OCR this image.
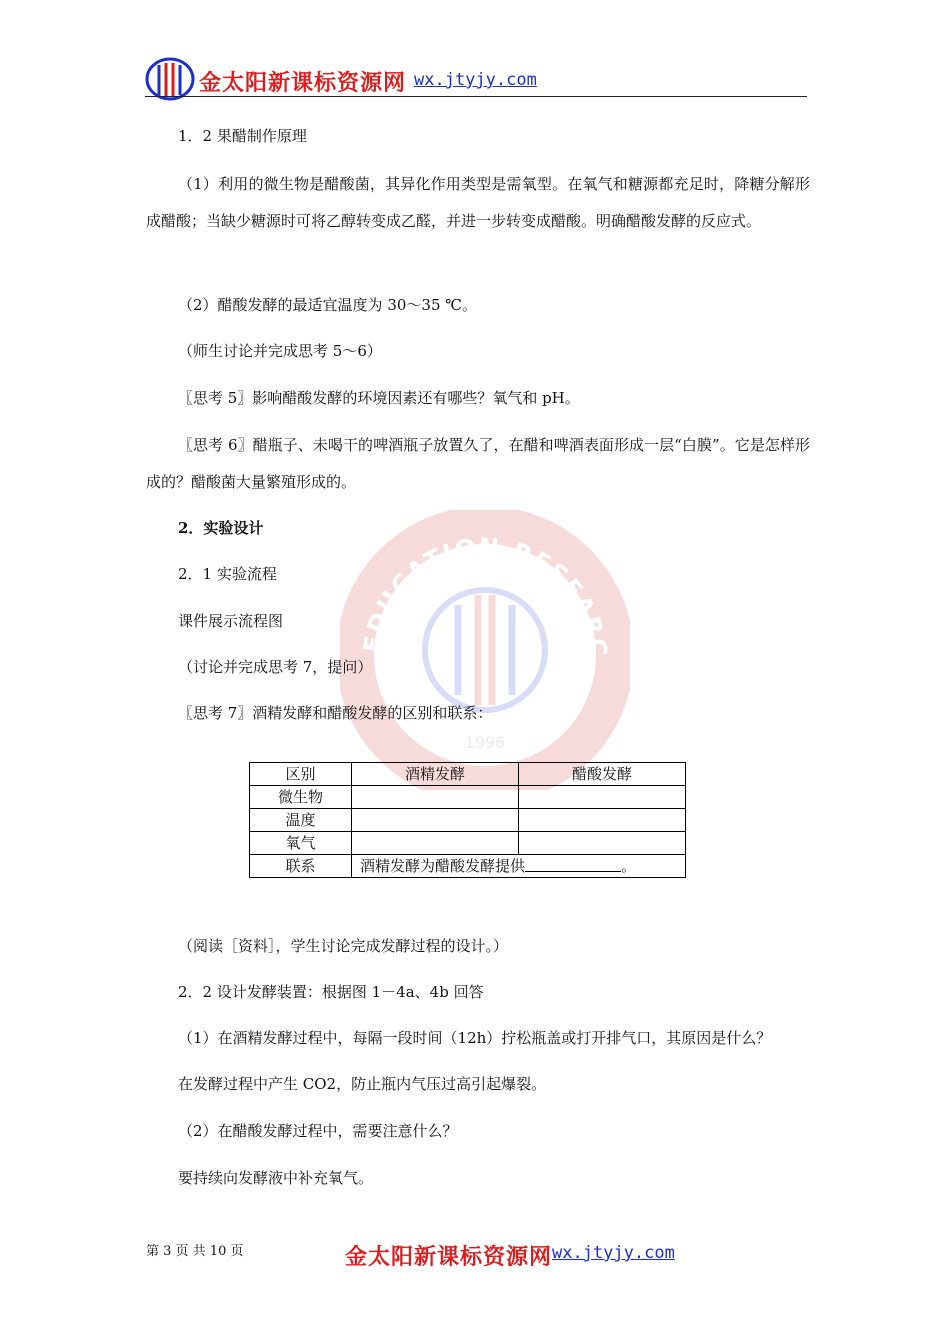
金太阳新课标资源网 wx.jtyjy.com
EDUCATION RESEARC
1996
1．2 果醋制作原理
（1）利用的微生物是醋酸菌，其异化作用类型是需氧型。在氧气和糖源都充足时，降糖分解形成醋酸；当缺少糖源时可将乙醇转变成乙醛，并进一步转变成醋酸。明确醋酸发酵的反应式。
（2）醋酸发酵的最适宜温度为 30～35 ℃。
（师生讨论并完成思考 5～6）
〖思考 5〗影响醋酸发酵的环境因素还有哪些？氧气和 pH。
〖思考 6〗醋瓶子、未喝干的啤酒瓶子放置久了，在醋和啤酒表面形成一层“白膜”。它是怎样形成的？醋酸菌大量繁殖形成的。
2．实验设计
2．1 实验流程
课件展示流程图
（讨论并完成思考 7，提问）
〖思考 7〗酒精发酵和醋酸发酵的区别和联系：
区别	酒精发酵	醋酸发酵
微生物		
温度		
氧气		
联系	酒精发酵为醋酸发酵提供 。	
（阅读［资料］，学生讨论完成发酵过程的设计。）
2．2 设计发酵装置：根据图 1－4a、4b 回答
（1）在酒精发酵过程中，每隔一段时间（12h）拧松瓶盖或打开排气口，其原因是什么？
在发酵过程中产生 CO2，防止瓶内气压过高引起爆裂。
（2）在醋酸发酵过程中，需要注意什么？
要持续向发酵液中补充氧气。
第 3 页 共 10 页	金太阳新课标资源网 wx.jtyjy.com
